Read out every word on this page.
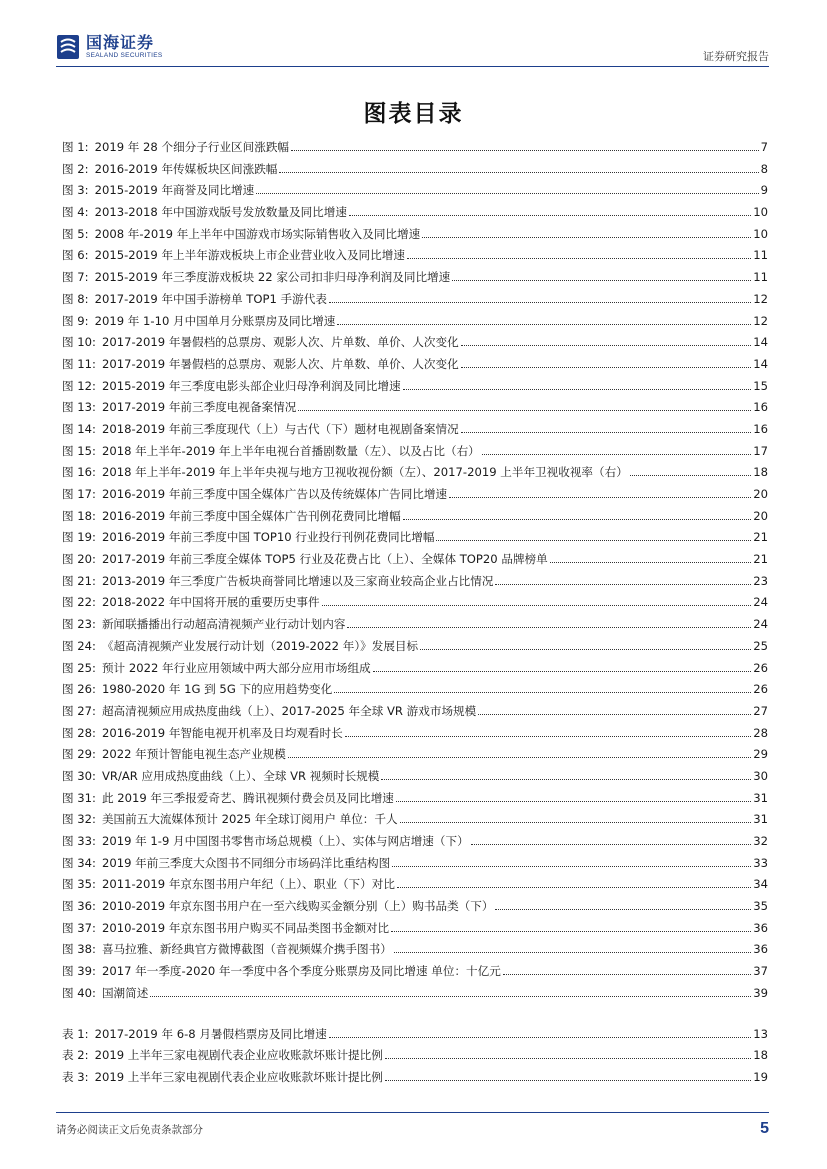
国海证券
SEALAND SECURITIES	证券研究报告
图表目录
图 1: 2019 年 28 个细分子行业区间涨跌幅	7
图 2: 2016-2019 年传媒板块区间涨跌幅	8
图 3: 2015-2019 年商誉及同比增速	9
图 4: 2013-2018 年中国游戏版号发放数量及同比增速	10
图 5: 2008 年-2019 年上半年中国游戏市场实际销售收入及同比增速	10
图 6: 2015-2019 年上半年游戏板块上市企业营业收入及同比增速	11
图 7: 2015-2019 年三季度游戏板块 22 家公司扣非归母净利润及同比增速	11
图 8: 2017-2019 年中国手游榜单 TOP1 手游代表	12
图 9: 2019 年 1-10 月中国单月分账票房及同比增速	12
图 10: 2017-2019 年暑假档的总票房、观影人次、片单数、单价、人次变化	14
图 11: 2017-2019 年暑假档的总票房、观影人次、片单数、单价、人次变化	14
图 12: 2015-2019 年三季度电影头部企业归母净利润及同比增速	15
图 13: 2017-2019 年前三季度电视备案情况	16
图 14: 2018-2019 年前三季度现代（上）与古代（下）题材电视剧备案情况	16
图 15: 2018 年上半年-2019 年上半年电视台首播剧数量（左）、以及占比（右）	17
图 16: 2018 年上半年-2019 年上半年央视与地方卫视收视份额（左）、2017-2019 上半年卫视收视率（右）	18
图 17: 2016-2019 年前三季度中国全媒体广告以及传统媒体广告同比增速	20
图 18: 2016-2019 年前三季度中国全媒体广告刊例花费同比增幅	20
图 19: 2016-2019 年前三季度中国 TOP10 行业投行刊例花费同比增幅	21
图 20: 2017-2019 年前三季度全媒体 TOP5 行业及花费占比（上）、全媒体 TOP20 品牌榜单	21
图 21: 2013-2019 年三季度广告板块商誉同比增速以及三家商业较高企业占比情况	23
图 22: 2018-2022 年中国将开展的重要历史事件	24
图 23: 新闻联播播出行动超高清视频产业行动计划内容	24
图 24: 《超高清视频产业发展行动计划（2019-2022 年）》发展目标	25
图 25: 预计 2022 年行业应用领域中两大部分应用市场组成	26
图 26: 1980-2020 年 1G 到 5G 下的应用趋势变化	26
图 27: 超高清视频应用成热度曲线（上）、2017-2025 年全球 VR 游戏市场规模	27
图 28: 2016-2019 年智能电视开机率及日均观看时长	28
图 29: 2022 年预计智能电视生态产业规模	29
图 30: VR/AR 应用成热度曲线（上）、全球 VR 视频时长规模	30
图 31: 此 2019 年三季报爱奇艺、腾讯视频付费会员及同比增速	31
图 32: 美国前五大流媒体预计 2025 年全球订阅用户 单位：千人	31
图 33: 2019 年 1-9 月中国图书零售市场总规模（上）、实体与网店增速（下）	32
图 34: 2019 年前三季度大众图书不同细分市场码洋比重结构图	33
图 35: 2011-2019 年京东图书用户年纪（上）、职业（下）对比	34
图 36: 2010-2019 年京东图书用户在一至六线购买金额分别（上）购书品类（下）	35
图 37: 2010-2019 年京东图书用户购买不同品类图书金额对比	36
图 38: 喜马拉雅、新经典官方微博截图（音视频媒介携手图书）	36
图 39: 2017 年一季度-2020 年一季度中各个季度分账票房及同比增速 单位：十亿元	37
图 40: 国潮简述	39
表 1: 2017-2019 年 6-8 月暑假档票房及同比增速	13
表 2: 2019 上半年三家电视剧代表企业应收账款坏账计提比例	18
表 3: 2019 上半年三家电视剧代表企业应收账款坏账计提比例	19
请务必阅读正文后免责条款部分	5
